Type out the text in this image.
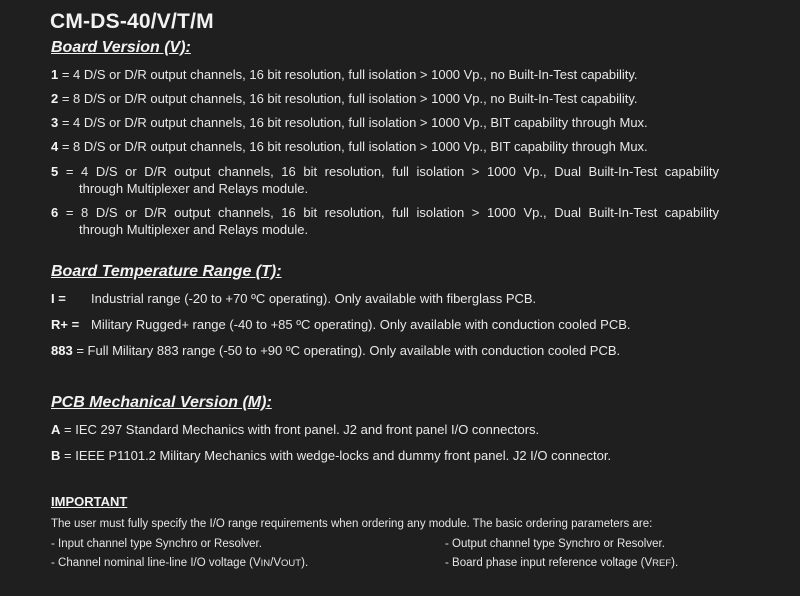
CM-DS-40/V/T/M
Board Version (V):
1 = 4 D/S or D/R output channels, 16 bit resolution, full isolation > 1000 Vp., no Built-In-Test capability.
2 = 8 D/S or D/R output channels, 16 bit resolution, full isolation > 1000 Vp., no Built-In-Test capability.
3 = 4 D/S or D/R output channels, 16 bit resolution, full isolation > 1000 Vp., BIT capability through Mux.
4 = 8 D/S or D/R output channels, 16 bit resolution, full isolation > 1000 Vp., BIT capability through Mux.
5 = 4 D/S or D/R output channels, 16 bit resolution, full isolation > 1000 Vp., Dual Built-In-Test capability
through Multiplexer and Relays module.
6 = 8 D/S or D/R output channels, 16 bit resolution, full isolation > 1000 Vp., Dual Built-In-Test capability
through Multiplexer and Relays module.
Board Temperature Range (T):
I = Industrial range (-20 to +70 ºC operating). Only available with fiberglass PCB.
R+ = Military Rugged+ range (-40 to +85 ºC operating). Only available with conduction cooled PCB.
883 = Full Military 883 range (-50 to +90 ºC operating). Only available with conduction cooled PCB.
PCB Mechanical Version (M):
A = IEC 297 Standard Mechanics with front panel. J2 and front panel I/O connectors.
B = IEEE P1101.2 Military Mechanics with wedge-locks and dummy front panel. J2 I/O connector.
IMPORTANT
The user must fully specify the I/O range requirements when ordering any module. The basic ordering parameters are:
- Input channel type Synchro or Resolver.	- Output channel type Synchro or Resolver.
- Channel nominal line-line I/O voltage (VIN/VOUT).	- Board phase input reference voltage (VREF).
